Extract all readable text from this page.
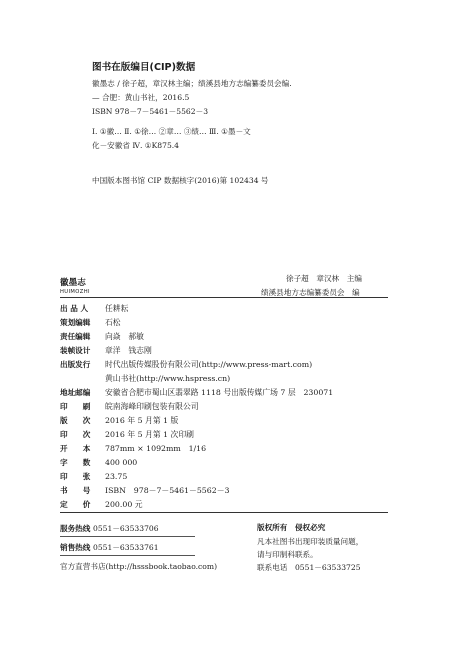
图书在版编目(CIP)数据
徽墨志 / 徐子超，章汉林主编；绩溪县地方志编纂委员会编.
— 合肥：黄山书社，2016.5
ISBN 978－7－5461－5562－3
Ⅰ. ①徽… Ⅱ. ①徐… ②章… ③绩… Ⅲ. ①墨－文
化－安徽省 Ⅳ. ①K875.4
中国版本图书馆 CIP 数据核字(2016)第 102434 号
徽墨志
HUIMOZHI
徐子超　章汉林　主编
绩溪县地方志编纂委员会　编
出 品 人 任耕耘
策划编辑 石松
责任编辑 向焱　郝敏
装帧设计 章洋　钱志刚
出版发行 时代出版传媒股份有限公司(http://www.press-mart.com)
黄山书社(http://www.hspress.cn)
地址邮编 安徽省合肥市蜀山区翡翠路 1118 号出版传媒广场 7 层　230071
印　　刷 皖南海峰印刷包装有限公司
版　　次 2016 年 5 月第 1 版
印　　次 2016 年 5 月第 1 次印刷
开　　本 787mm × 1092mm　1/16
字　　数 400 000
印　　张 23.75
书　　号 ISBN　978－7－5461－5562－3
定　　价 200.00 元
服务热线 0551－63533706
销售热线 0551－63533761
官方直营书店(http://hsssbook.taobao.com)
版权所有　侵权必究
凡本社图书出现印装质量问题，
请与印制科联系。
联系电话　0551－63533725
